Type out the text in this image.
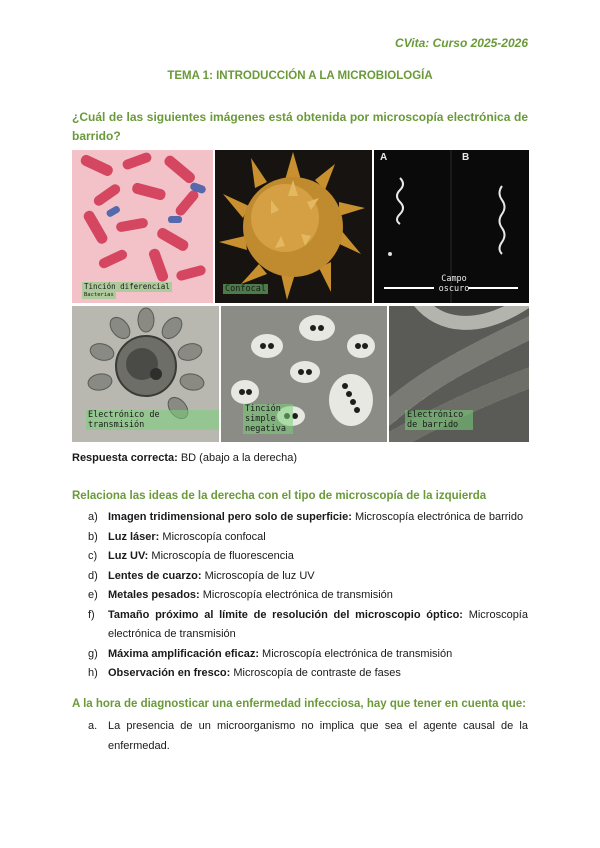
CVita: Curso 2025-2026
TEMA 1: INTRODUCCIÓN A LA MICROBIOLOGÍA
¿Cuál de las siguientes imágenes está obtenida por microscopía electrónica de barrido?
Tinción diferencial
Bacterias
Confocal
A	B
Campo oscuro
Electrónico de transmisión
Tinción simple negativa
Electrónico de barrido
Respuesta correcta: BD (abajo a la derecha)
Relaciona las ideas de la derecha con el tipo de microscopía de la izquierda
a) Imagen tridimensional pero solo de superficie: Microscopía electrónica de barrido
b) Luz láser: Microscopía confocal
c) Luz UV: Microscopía de fluorescencia
d) Lentes de cuarzo: Microscopía de luz UV
e) Metales pesados: Microscopía electrónica de transmisión
f) Tamaño próximo al límite de resolución del microscopio óptico: Microscopía electrónica de transmisión
g) Máxima amplificación eficaz: Microscopía electrónica de transmisión
h) Observación en fresco: Microscopía de contraste de fases
A la hora de diagnosticar una enfermedad infecciosa, hay que tener en cuenta que:
a. La presencia de un microorganismo no implica que sea el agente causal de la enfermedad.
